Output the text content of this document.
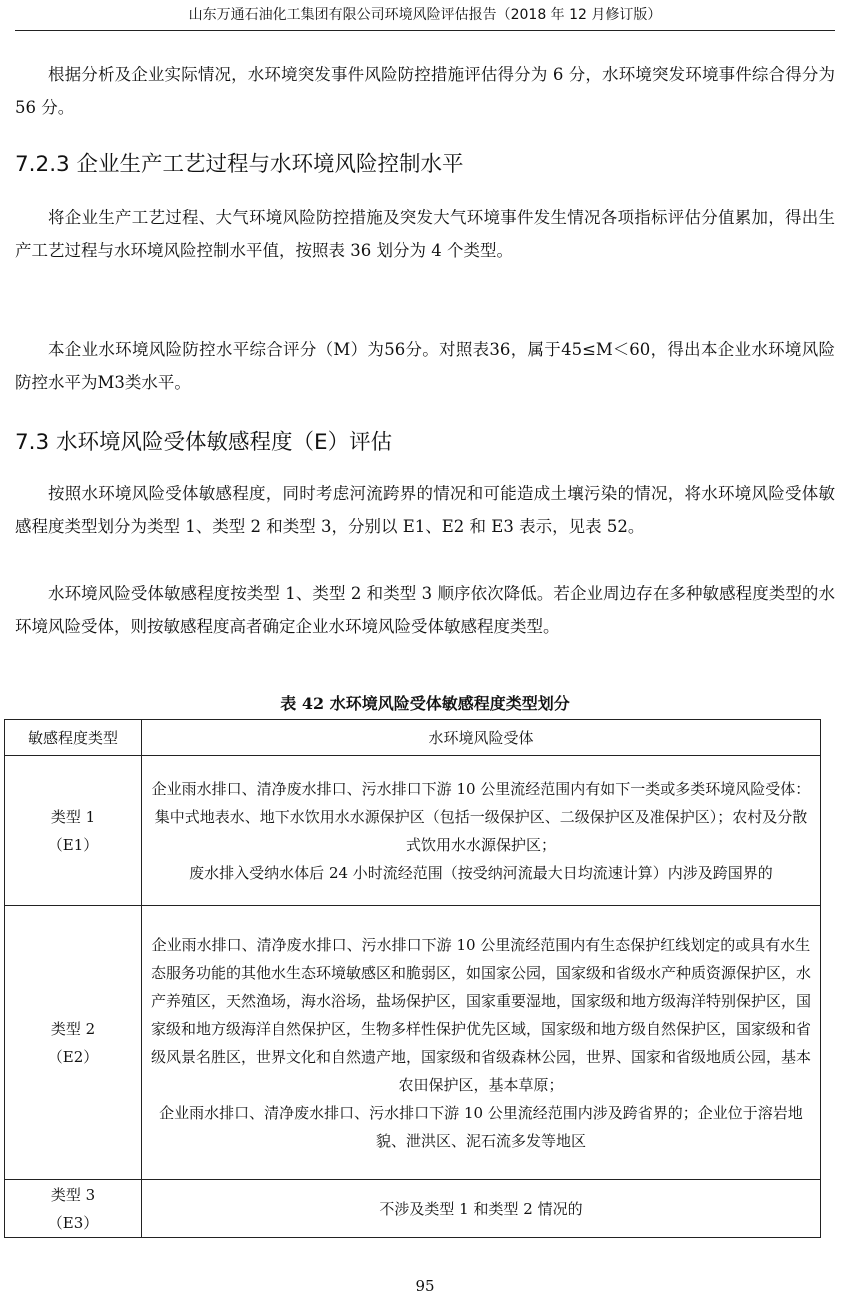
山东万通石油化工集团有限公司环境风险评估报告（2018 年 12 月修订版）

根据分析及企业实际情况，水环境突发事件风险防控措施评估得分为 6 分，水环境突发环境事件综合得分为 56 分。

7.2.3 企业生产工艺过程与水环境风险控制水平

将企业生产工艺过程、大气环境风险防控措施及突发大气环境事件发生情况各项指标评估分值累加，得出生产工艺过程与水环境风险控制水平值，按照表 36 划分为 4 个类型。

本企业水环境风险防控水平综合评分（M）为56分。对照表36，属于45≤M＜60，得出本企业水环境风险防控水平为M3类水平。

7.3 水环境风险受体敏感程度（E）评估

按照水环境风险受体敏感程度，同时考虑河流跨界的情况和可能造成土壤污染的情况，将水环境风险受体敏感程度类型划分为类型 1、类型 2 和类型 3，分别以 E1、E2 和 E3 表示，见表 52。

水环境风险受体敏感程度按类型 1、类型 2 和类型 3 顺序依次降低。若企业周边存在多种敏感程度类型的水环境风险受体，则按敏感程度高者确定企业水环境风险受体敏感程度类型。

表 42 水环境风险受体敏感程度类型划分
敏感程度类型	水环境风险受体

类型 1
（E1）	企业雨水排口、清净废水排口、污水排口下游 10 公里流经范围内有如下一类或多类环境风险受体：集中式地表水、地下水饮用水水源保护区（包括一级保护区、二级保护区及准保护区）；农村及分散式饮用水水源保护区；
废水排入受纳水体后 24 小时流经范围（按受纳河流最大日均流速计算）内涉及跨国界的

类型 2
（E2）	企业雨水排口、清净废水排口、污水排口下游 10 公里流经范围内有生态保护红线划定的或具有水生态服务功能的其他水生态环境敏感区和脆弱区，如国家公园，国家级和省级水产种质资源保护区，水产养殖区，天然渔场，海水浴场，盐场保护区，国家重要湿地，国家级和地方级海洋特别保护区，国家级和地方级海洋自然保护区，生物多样性保护优先区域，国家级和地方级自然保护区，国家级和省级风景名胜区，世界文化和自然遗产地，国家级和省级森林公园，世界、国家和省级地质公园，基本农田保护区，基本草原；
企业雨水排口、清净废水排口、污水排口下游 10 公里流经范围内涉及跨省界的；企业位于溶岩地貌、泄洪区、泥石流多发等地区

类型 3
（E3）	不涉及类型 1 和类型 2 情况的
95
